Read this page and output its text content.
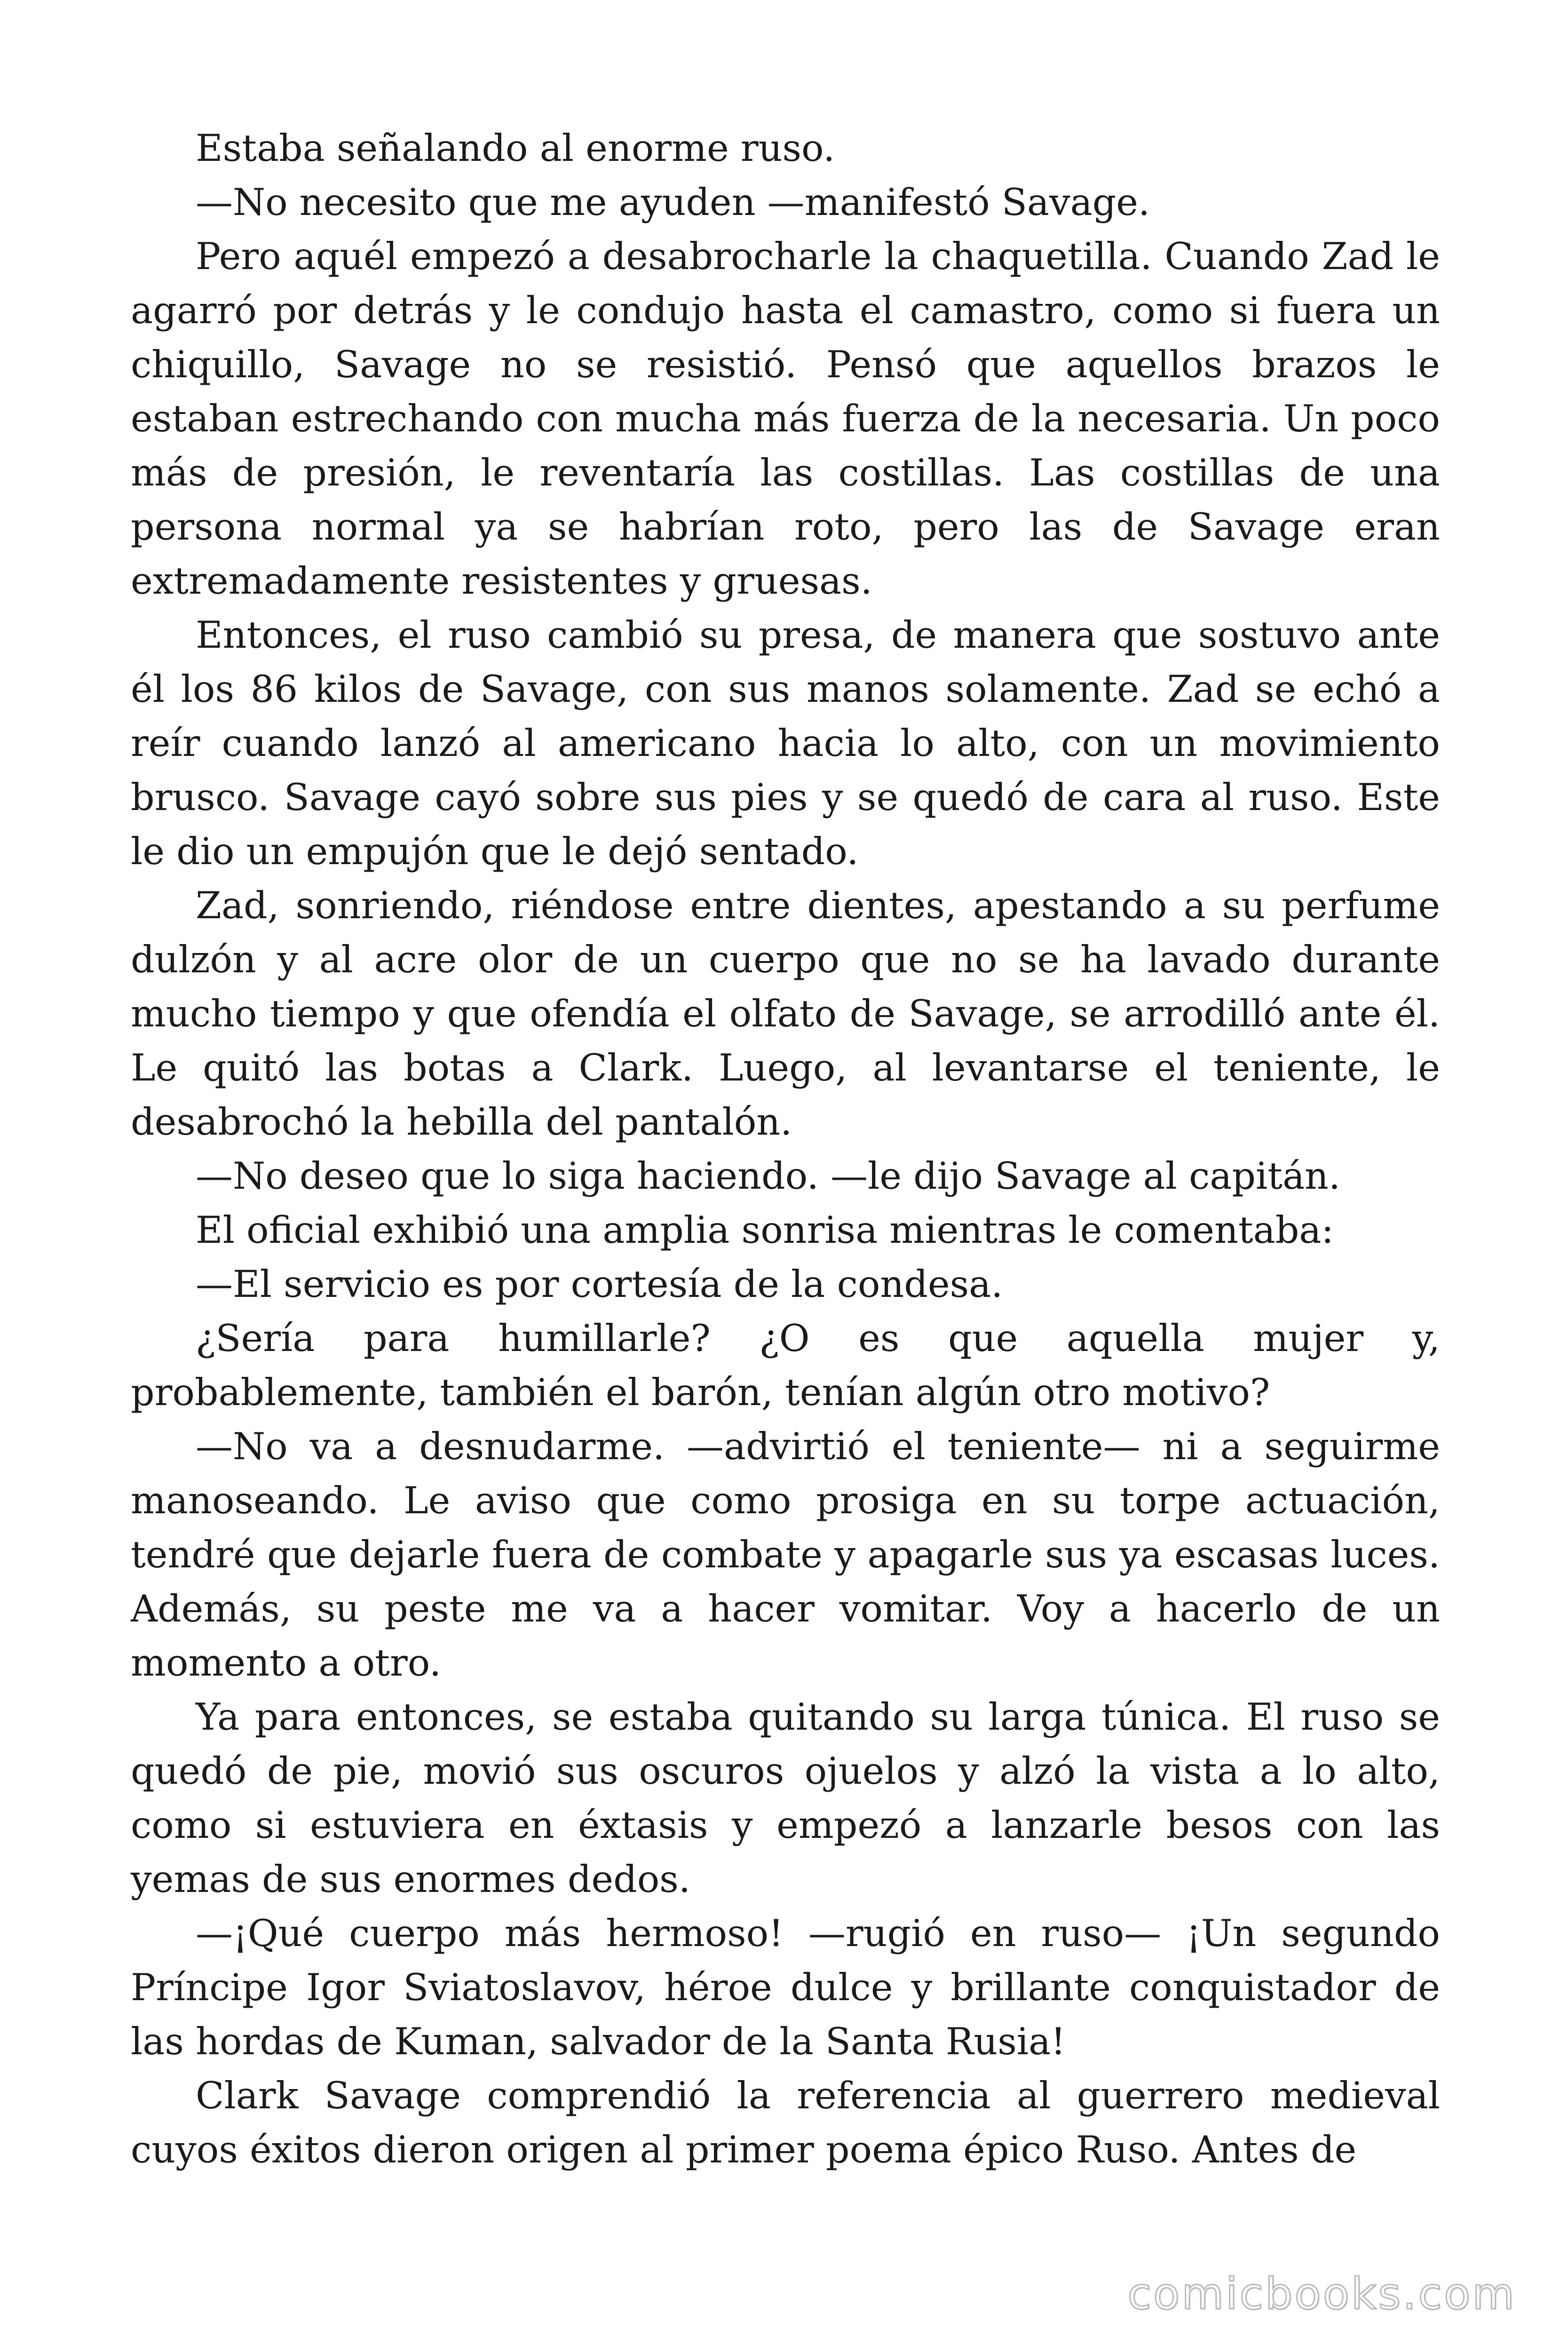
Estaba señalando al enorme ruso.

—No necesito que me ayuden —manifestó Savage.

Pero aquél empezó a desabrocharle la chaquetilla. Cuando Zad le agarró por detrás y le condujo hasta el camastro, como si fuera un chiquillo, Savage no se resistió. Pensó que aquellos brazos le estaban estrechando con mucha más fuerza de la necesaria. Un poco más de presión, le reventaría las costillas. Las costillas de una persona normal ya se habrían roto, pero las de Savage eran extremadamente resistentes y gruesas.

Entonces, el ruso cambió su presa, de manera que sostuvo ante él los 86 kilos de Savage, con sus manos solamente. Zad se echó a reír cuando lanzó al americano hacia lo alto, con un movimiento brusco. Savage cayó sobre sus pies y se quedó de cara al ruso. Este le dio un empujón que le dejó sentado.

Zad, sonriendo, riéndose entre dientes, apestando a su perfume dulzón y al acre olor de un cuerpo que no se ha lavado durante mucho tiempo y que ofendía el olfato de Savage, se arrodilló ante él. Le quitó las botas a Clark. Luego, al levantarse el teniente, le desabrochó la hebilla del pantalón.

—No deseo que lo siga haciendo. —le dijo Savage al capitán.

El oficial exhibió una amplia sonrisa mientras le comentaba:

—El servicio es por cortesía de la condesa.

¿Sería para humillarle? ¿O es que aquella mujer y, probablemente, también el barón, tenían algún otro motivo?

—No va a desnudarme. —advirtió el teniente— ni a seguirme manoseando. Le aviso que como prosiga en su torpe actuación, tendré que dejarle fuera de combate y apagarle sus ya escasas luces. Además, su peste me va a hacer vomitar. Voy a hacerlo de un momento a otro.

Ya para entonces, se estaba quitando su larga túnica. El ruso se quedó de pie, movió sus oscuros ojuelos y alzó la vista a lo alto, como si estuviera en éxtasis y empezó a lanzarle besos con las yemas de sus enormes dedos.

—¡Qué cuerpo más hermoso! —rugió en ruso— ¡Un segundo Príncipe Igor Sviatoslavov, héroe dulce y brillante conquistador de las hordas de Kuman, salvador de la Santa Rusia!

Clark Savage comprendió la referencia al guerrero medieval cuyos éxitos dieron origen al primer poema épico Ruso. Antes de

comicbooks.com
